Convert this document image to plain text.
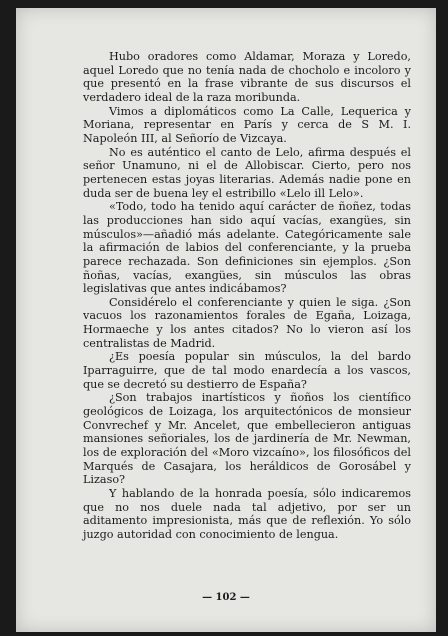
Hubo oradores como Aldamar, Moraza y Loredo, aquel Loredo que no tenía nada de chocholo e incoloro y que presentó en la frase vibrante de sus discursos el verdadero ideal de la raza moribunda.

Vimos a diplomáticos como La Calle, Lequerica y Moriana, representar en París y cerca de S M. I. Napoleón III, al Señorío de Vizcaya.

No es auténtico el canto de Lelo, afirma después el señor Unamuno, ni el de Allobiscar. Cierto, pero nos pertenecen estas joyas literarias. Además nadie pone en duda ser de buena ley el estribillo «Lelo ill Lelo».

«Todo, todo ha tenido aquí carácter de ñoñez, todas las producciones han sido aquí vacías, exangües, sin músculos»—añadió más adelante. Categóricamente sale la afirmación de labios del conferenciante, y la prueba parece rechazada. Son definiciones sin ejemplos. ¿Son ñoñas, vacías, exangües, sin músculos las obras legislativas que antes indicábamos?

Considérelo el conferenciante y quien le siga. ¿Son vacuos los razonamientos forales de Egaña, Loizaga, Hormaeche y los antes citados? No lo vieron así los centralistas de Madrid.

¿Es poesía popular sin músculos, la del bardo Iparraguirre, que de tal modo enardecía a los vascos, que se decretó su destierro de España?

¿Son trabajos inartísticos y ñoños los científico geológicos de Loizaga, los arquitectónicos de monsieur Convrechef y Mr. Ancelet, que embellecieron antiguas mansiones señoriales, los de jardinería de Mr. Newman, los de exploración del «Moro vizcaíno», los filosóficos del Marqués de Casajara, los heráldicos de Gorosábel y Lizaso?

Y hablando de la honrada poesía, sólo indicaremos que no nos duele nada tal adjetivo, por ser un aditamento impresionista, más que de reflexión. Yo sólo juzgo autoridad con conocimiento de lengua.

— 102 —
